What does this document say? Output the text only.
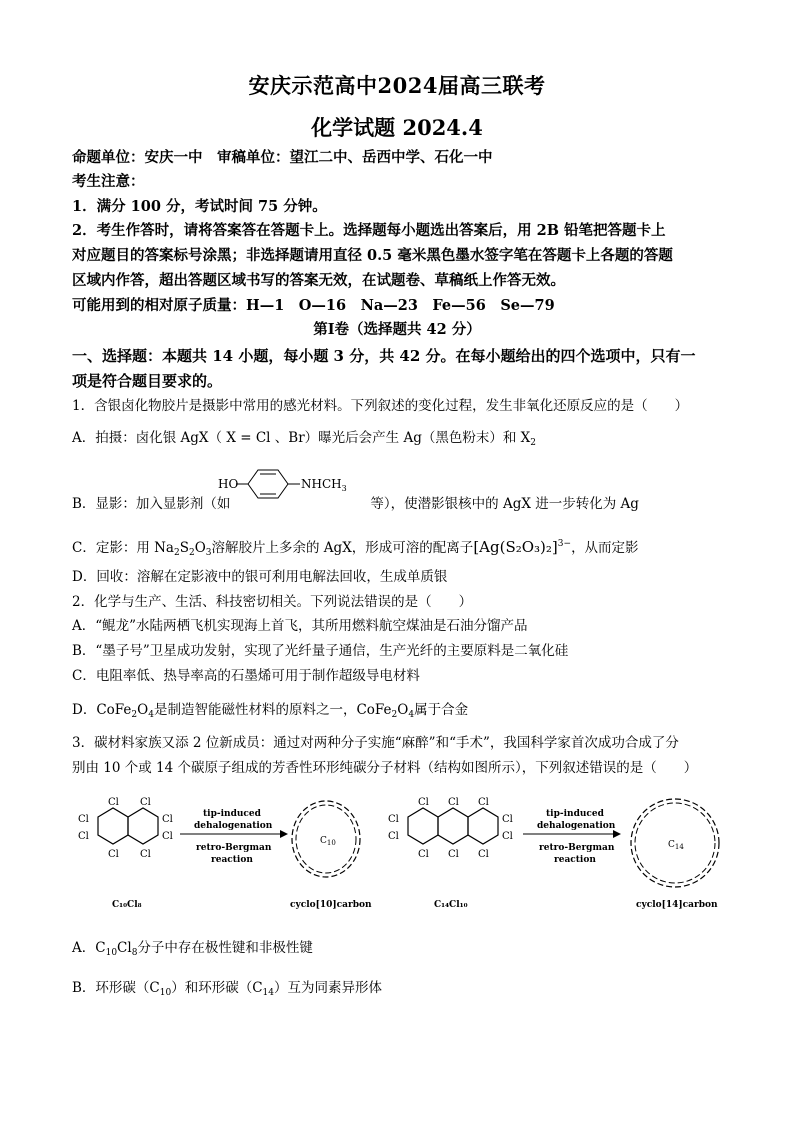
安庆示范高中2024届高三联考
化学试题 2024.4
命题单位：安庆一中　审稿单位：望江二中、岳西中学、石化一中
考生注意：
1．满分 100 分，考试时间 75 分钟。
2．考生作答时，请将答案答在答题卡上。选择题每小题选出答案后，用 2B 铅笔把答题卡上
对应题目的答案标号涂黑；非选择题请用直径 0.5 毫米黑色墨水签字笔在答题卡上各题的答题
区域内作答，超出答题区域书写的答案无效，在试题卷、草稿纸上作答无效。
可能用到的相对原子质量：H—1　O—16　Na—23　Fe—56　Se—79
第Ⅰ卷（选择题共 42 分）
一、选择题：本题共 14 小题，每小题 3 分，共 42 分。在每小题给出的四个选项中，只有一
项是符合题目要求的。
1．含银卤化物胶片是摄影中常用的感光材料。下列叙述的变化过程，发生非氧化还原反应的是（　　）
A．拍摄：卤化银 AgX（ X = Cl 、Br）曝光后会产生 Ag（黑色粉末）和 $X_2$
B．显影：加入显影剂（如	等），使潜影银核中的 AgX 进一步转化为 Ag
HO	$NHCH_3$
C．定影：用 $Na_2S_2O_3$溶解胶片上多余的 AgX，形成可溶的配离子$[Ag(S_2O_3)_2]^{3-}$，从而定影
D．回收：溶解在定影液中的银可利用电解法回收，生成单质银
2．化学与生产、生活、科技密切相关。下列说法错误的是（　　）
A．“鲲龙”水陆两栖飞机实现海上首飞，其所用燃料航空煤油是石油分馏产品
B．“墨子号”卫星成功发射，实现了光纤量子通信，生产光纤的主要原料是二氧化硅
C．电阻率低、热导率高的石墨烯可用于制作超级导电材料
D．$CoFe_2O_4$是制造智能磁性材料的原料之一，$CoFe_2O_4$属于合金
3．碳材料家族又添 2 位新成员：通过对两种分子实施“麻醉”和“手术”，我国科学家首次成功合成了分
别由 10 个或 14 个碳原子组成的芳香性环形纯碳分子材料（结构如图所示），下列叙述错误的是（　　）
Cl Cl
Cl	Cl
Cl	Cl
Cl Cl
C₁₀Cl₈
tip-induced
dehalogenation
retro-Bergman
reaction
$C_{10}$
cyclo[10]carbon
Cl Cl Cl
Cl	Cl
Cl	Cl
Cl Cl Cl
C₁₄Cl₁₀
tip-induced
dehalogenation
retro-Bergman
reaction
$C_{14}$
cyclo[14]carbon
A．$C_{10}Cl_8$分子中存在极性键和非极性键
B．环形碳$(C_{10})$和环形碳$(C_{14})$互为同素异形体
